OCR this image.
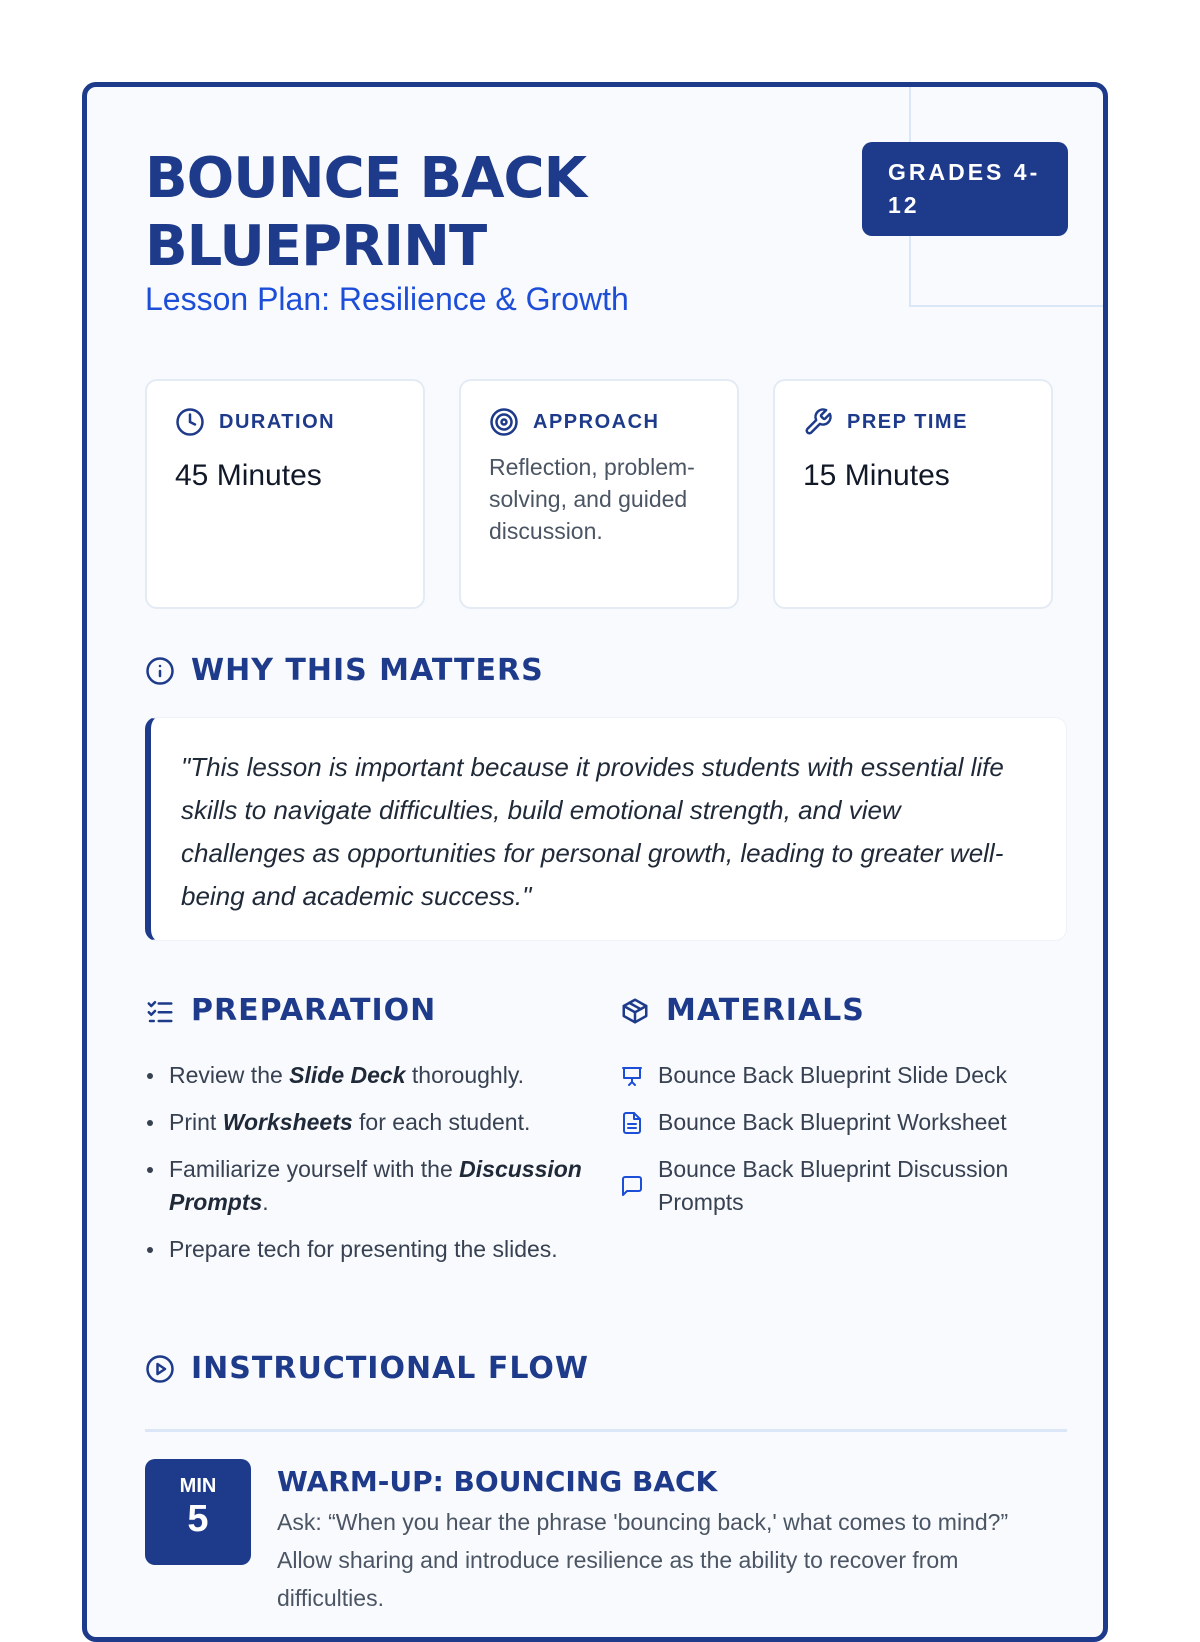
BOUNCE BACK BLUEPRINT
Lesson Plan: Resilience & Growth
GRADES 4-12
DURATION
45 Minutes
APPROACH
Reflection, problem-solving, and guided discussion.
PREP TIME
15 Minutes
WHY THIS MATTERS
"This lesson is important because it provides students with essential life skills to navigate difficulties, build emotional strength, and view challenges as opportunities for personal growth, leading to greater well-being and academic success."
PREPARATION
Review the Slide Deck thoroughly.
Print Worksheets for each student.
Familiarize yourself with the Discussion Prompts.
Prepare tech for presenting the slides.
MATERIALS
Bounce Back Blueprint Slide Deck
Bounce Back Blueprint Worksheet
Bounce Back Blueprint Discussion Prompts
INSTRUCTIONAL FLOW
MIN
5
WARM-UP: BOUNCING BACK
Ask: “When you hear the phrase 'bouncing back,' what comes to mind?” Allow sharing and introduce resilience as the ability to recover from difficulties.
